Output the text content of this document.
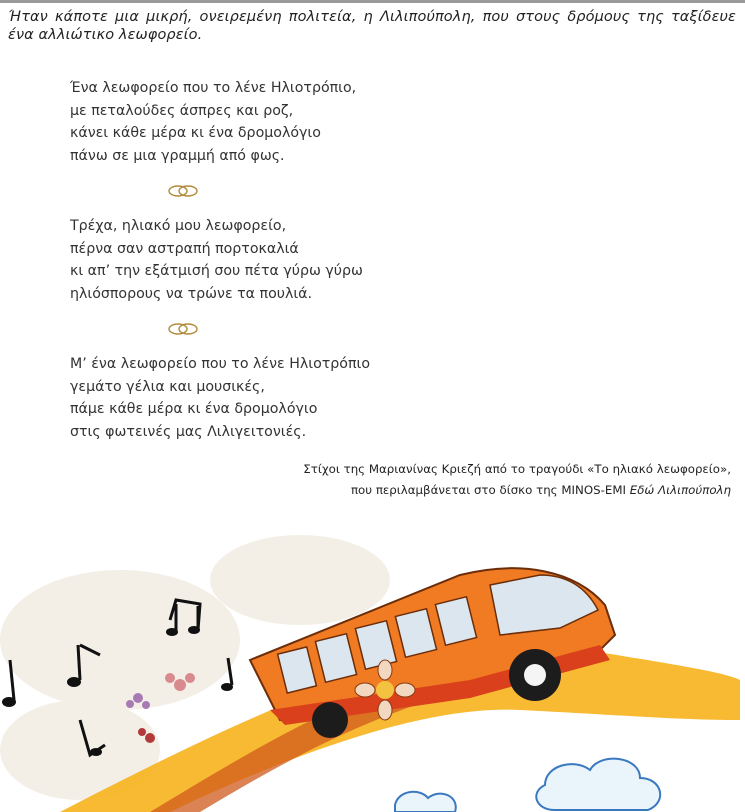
Ήταν κάποτε μια μικρή, ονειρεμένη πολιτεία, η Λιλιπούπολη, που στους δρόμους της ταξίδευε ένα αλλιώτικο λεωφορείο.
Ένα λεωφορείο που το λένε Ηλιοτρόπιο,
με πεταλούδες άσπρες και ροζ,
κάνει κάθε μέρα κι ένα δρομολόγιο
πάνω σε μια γραμμή από φως.
Τρέχα, ηλιακό μου λεωφορείο,
πέρνα σαν αστραπή πορτοκαλιά
κι απ’ την εξάτμισή σου πέτα γύρω γύρω
ηλιόσπορους να τρώνε τα πουλιά.
Μ’ ένα λεωφορείο που το λένε Ηλιοτρόπιο
γεμάτο γέλια και μουσικές,
πάμε κάθε μέρα κι ένα δρομολόγιο
στις φωτεινές μας Λιλιγειτονιές.
Στίχοι της Μαριανίνας Κριεζή από το τραγούδι «Το ηλιακό λεωφορείο»,
που περιλαμβάνεται στο δίσκο της MINOS-EMI Εδώ Λιλιπούπολη
